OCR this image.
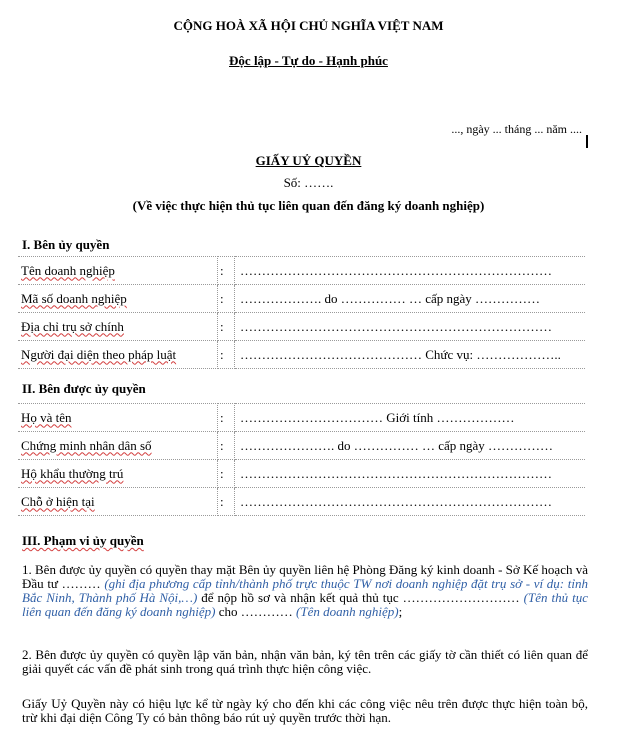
CỘNG HOÀ XÃ HỘI CHỦ NGHĨA VIỆT NAM
Độc lập - Tự do - Hạnh phúc
..., ngày ... tháng ... năm ....
GIẤY UỶ QUYỀN
Số: …….
(Về việc thực hiện thủ tục liên quan đến đăng ký doanh nghiệp)
I. Bên ủy quyền
Tên doanh nghiệp	:	………………………………………………………………
Mã số doanh nghiệp	:	………………. do …………… … cấp ngày ……………
Địa chỉ trụ sở chính	:	………………………………………………………………
Người đại diện theo pháp luật	:	…………………………………… Chức vụ: ………………..
II. Bên được ủy quyền
Họ và tên	:	…………………………… Giới tính ………………
Chứng minh nhân dân số	:	…………………. do …………… … cấp ngày ……………
Hộ khẩu thường trú	:	………………………………………………………………
Chỗ ở hiện tại	:	………………………………………………………………
III. Phạm vi ủy quyền
1. Bên được ủy quyền có quyền thay mặt Bên ủy quyền liên hệ Phòng Đăng ký kinh doanh - Sở Kế hoạch và Đầu tư ……… (ghi địa phương cấp tỉnh/thành phố trực thuộc TW nơi doanh nghiệp đặt trụ sở - ví dụ: tỉnh Bắc Ninh, Thành phố Hà Nội,…) để nộp hồ sơ và nhận kết quả thủ tục ……………………… (Tên thủ tục liên quan đến đăng ký doanh nghiệp) cho ………… (Tên doanh nghiệp);
2. Bên được ủy quyền có quyền lập văn bản, nhận văn bản, ký tên trên các giấy tờ cần thiết có liên quan để giải quyết các vấn đề phát sinh trong quá trình thực hiện công việc.
Giấy Uỷ Quyền này có hiệu lực kể từ ngày ký cho đến khi các công việc nêu trên được thực hiện toàn bộ, trừ khi đại diện Công Ty có bản thông báo rút uỷ quyền trước thời hạn.
